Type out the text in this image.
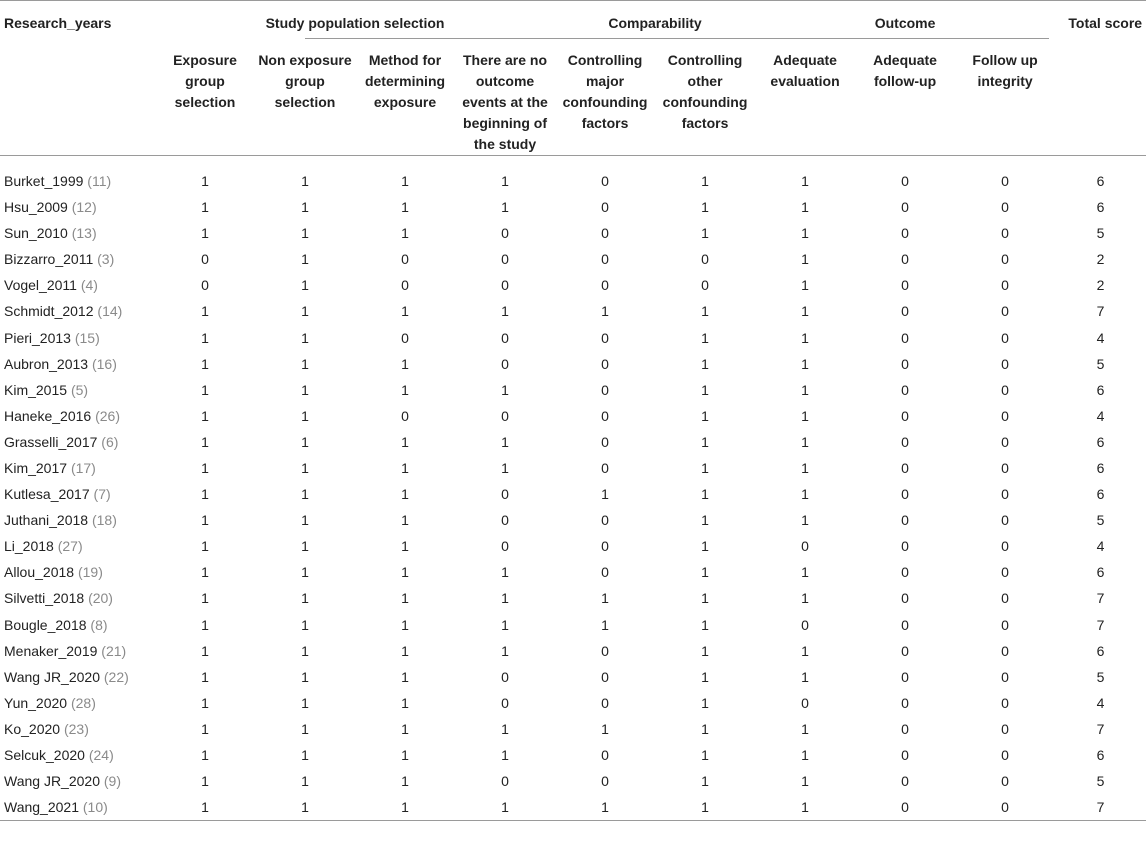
Research_years	Study population selection				Comparability		Outcome			Total score
	Exposure group selection	Non exposure group selection	Method for determining exposure	There are no outcome events at the beginning of the study	Controlling major confounding factors	Controlling other confounding factors	Adequate evaluation	Adequate follow-up	Follow up integrity	
Burket_1999 (11)	1	1	1	1	0	1	1	0	0	6
Hsu_2009 (12)	1	1	1	1	0	1	1	0	0	6
Sun_2010 (13)	1	1	1	0	0	1	1	0	0	5
Bizzarro_2011 (3)	0	1	0	0	0	0	1	0	0	2
Vogel_2011 (4)	0	1	0	0	0	0	1	0	0	2
Schmidt_2012 (14)	1	1	1	1	1	1	1	0	0	7
Pieri_2013 (15)	1	1	0	0	0	1	1	0	0	4
Aubron_2013 (16)	1	1	1	0	0	1	1	0	0	5
Kim_2015 (5)	1	1	1	1	0	1	1	0	0	6
Haneke_2016 (26)	1	1	0	0	0	1	1	0	0	4
Grasselli_2017 (6)	1	1	1	1	0	1	1	0	0	6
Kim_2017 (17)	1	1	1	1	0	1	1	0	0	6
Kutlesa_2017 (7)	1	1	1	0	1	1	1	0	0	6
Juthani_2018 (18)	1	1	1	0	0	1	1	0	0	5
Li_2018 (27)	1	1	1	0	0	1	0	0	0	4
Allou_2018 (19)	1	1	1	1	0	1	1	0	0	6
Silvetti_2018 (20)	1	1	1	1	1	1	1	0	0	7
Bougle_2018 (8)	1	1	1	1	1	1	0	0	0	7
Menaker_2019 (21)	1	1	1	1	0	1	1	0	0	6
Wang JR_2020 (22)	1	1	1	0	0	1	1	0	0	5
Yun_2020 (28)	1	1	1	0	0	1	0	0	0	4
Ko_2020 (23)	1	1	1	1	1	1	1	0	0	7
Selcuk_2020 (24)	1	1	1	1	0	1	1	0	0	6
Wang JR_2020 (9)	1	1	1	0	0	1	1	0	0	5
Wang_2021 (10)	1	1	1	1	1	1	1	0	0	7
